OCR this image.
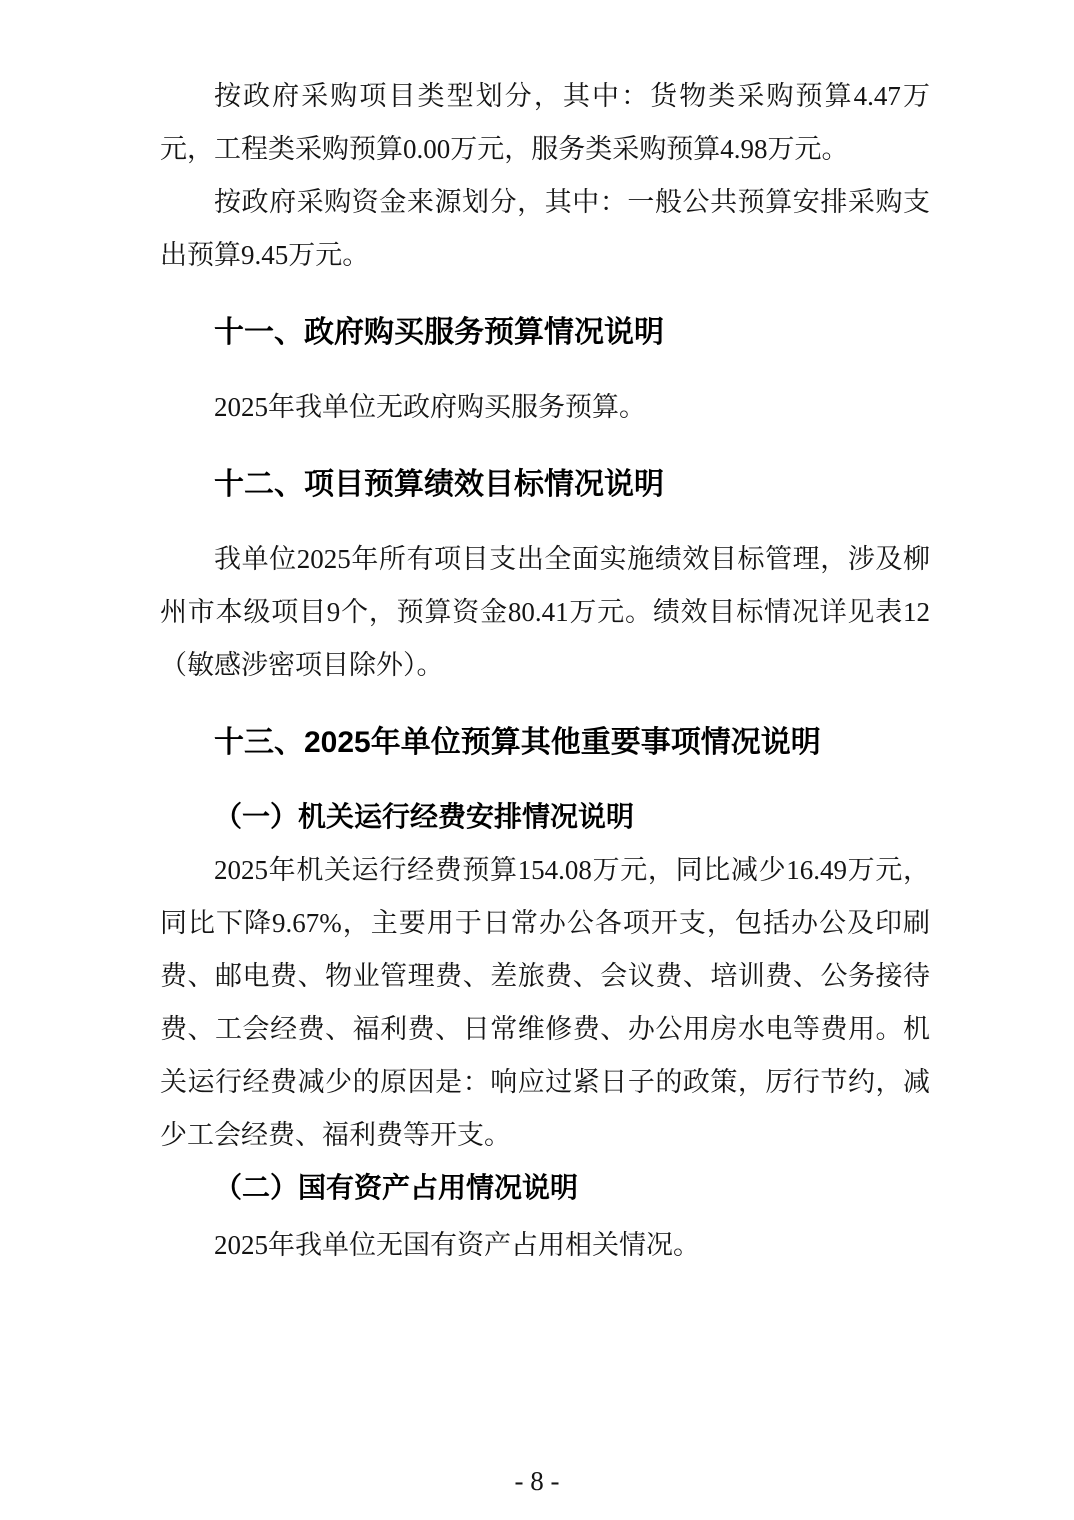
按政府采购项目类型划分，其中：货物类采购预算4.47万元，工程类采购预算0.00万元，服务类采购预算4.98万元。

按政府采购资金来源划分，其中：一般公共预算安排采购支出预算9.45万元。

十一、政府购买服务预算情况说明

2025年我单位无政府购买服务预算。

十二、项目预算绩效目标情况说明

我单位2025年所有项目支出全面实施绩效目标管理，涉及柳州市本级项目9个，预算资金80.41万元。绩效目标情况详见表12（敏感涉密项目除外）。

十三、2025年单位预算其他重要事项情况说明
（一）机关运行经费安排情况说明

2025年机关运行经费预算154.08万元，同比减少16.49万元，同比下降9.67%，主要用于日常办公各项开支，包括办公及印刷费、邮电费、物业管理费、差旅费、会议费、培训费、公务接待费、工会经费、福利费、日常维修费、办公用房水电等费用。机关运行经费减少的原因是：响应过紧日子的政策，厉行节约，减少工会经费、福利费等开支。

（二）国有资产占用情况说明

2025年我单位无国有资产占用相关情况。

- 8 -
